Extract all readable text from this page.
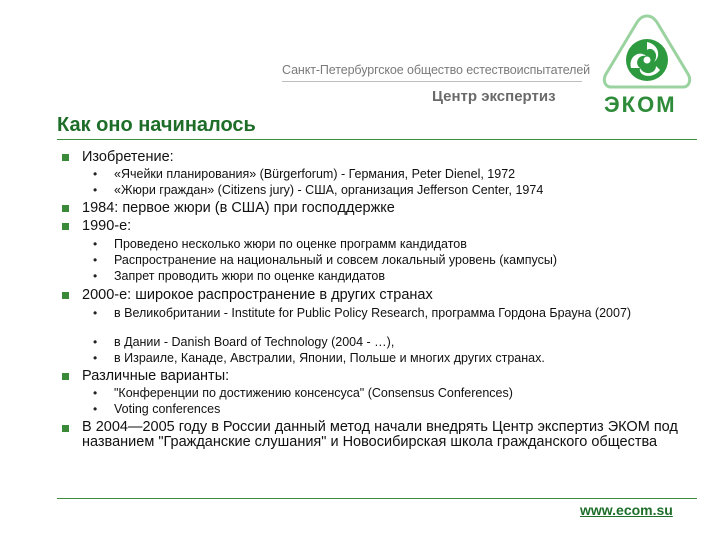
Санкт-Петербургское общество естествоиспытателей
Центр экспертиз ЭКОМ
Как оно начиналось
Изобретение:
• «Ячейки планирования» (Bürgerforum) - Германия, Peter Dienel, 1972
• «Жюри граждан» (Citizens jury) - США, организация Jefferson Center, 1974
1984: первое жюри (в США) при господдержке
1990-е:
• Проведено несколько жюри по оценке программ кандидатов
• Распространение на национальный и совсем локальный уровень (кампусы)
• Запрет проводить жюри по оценке кандидатов
2000-е: широкое распространение в других странах
• в Великобритании - Institute for Public Policy Research, программа Гордона Брауна (2007)
• в Дании - Danish Board of Technology (2004 - …),
• в Израиле, Канаде, Австралии, Японии, Польше и многих других странах.
Различные варианты:
• "Конференции по достижению консенсуса" (Consensus Conferences)
• Voting conferences
В 2004—2005 году в России данный метод начали внедрять Центр экспертиз ЭКОМ под названием "Гражданские слушания" и Новосибирская школа гражданского общества
www.ecom.su
